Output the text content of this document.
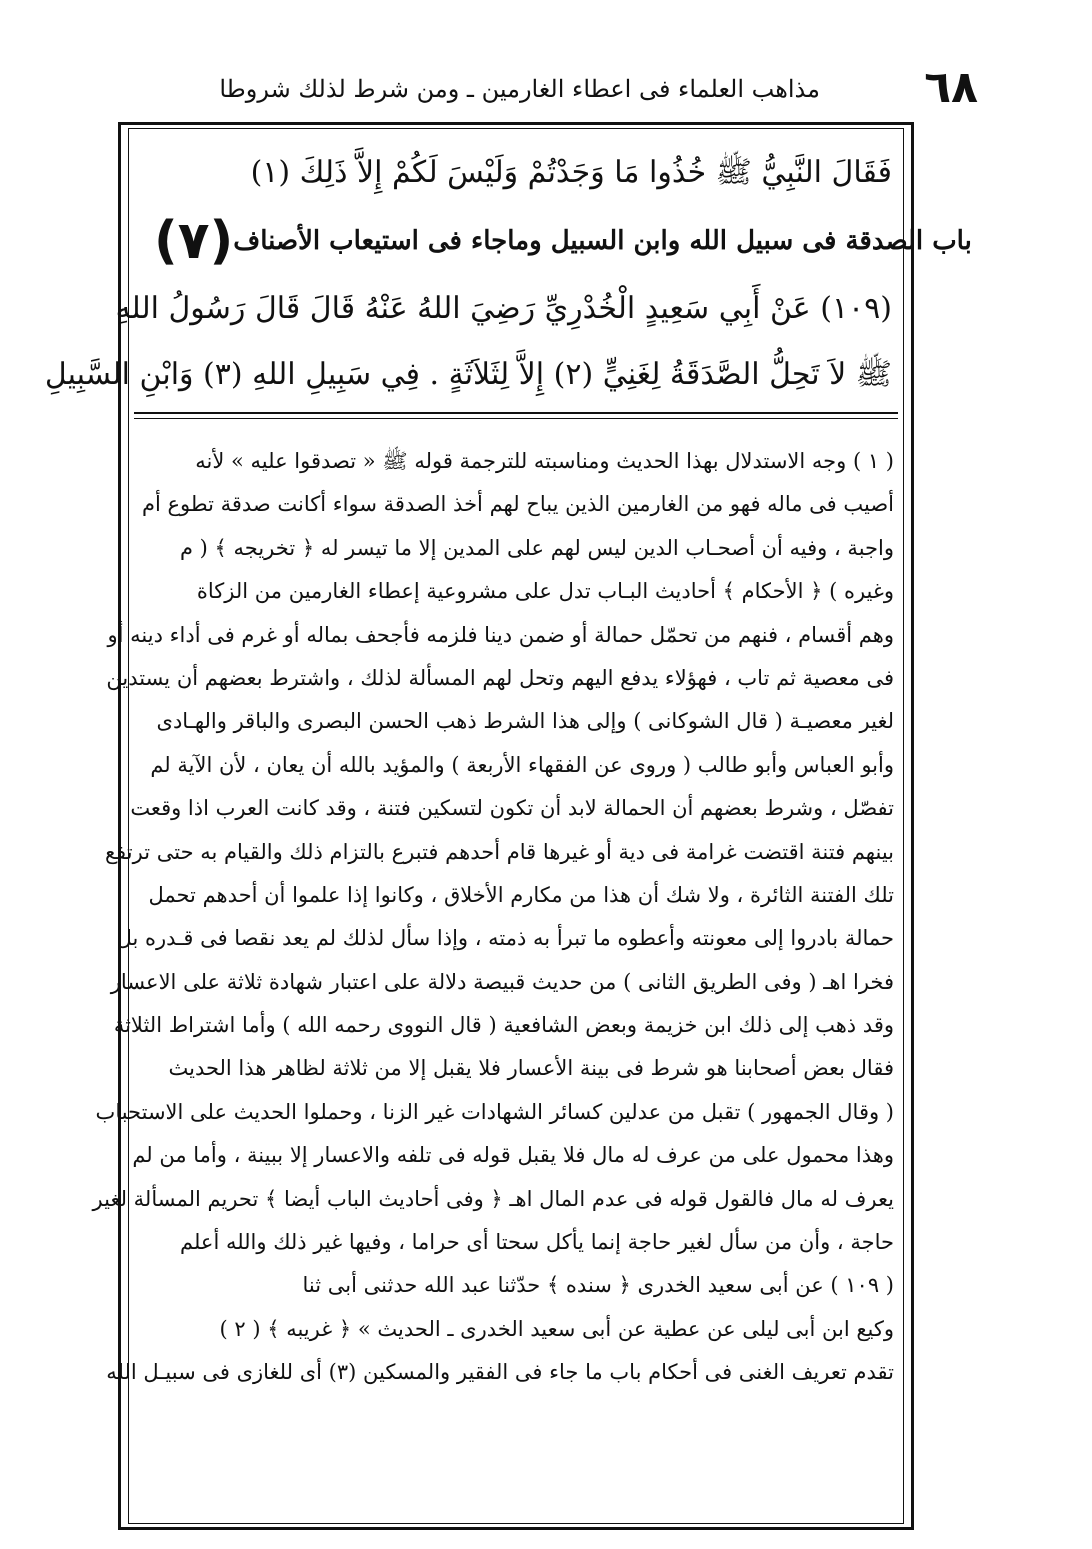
٦٨
مذاهب العلماء فى اعطاء الغارمين ـ ومن شرط لذلك شروطا
فَقَالَ النَّبِيُّ ﷺ خُذُوا مَا وَجَدْتُمْ وَلَيْسَ لَكُمْ إِلاَّ ذَلِكَ (١)
(٧) باب الصدقة فى سبيل الله وابن السبيل وماجاء فى استيعاب الأصناف
(١٠٩) عَنْ أَبِي سَعِيدٍ الْخُدْرِيِّ رَضِيَ اللهُ عَنْهُ قَالَ قَالَ رَسُولُ اللهِ
ﷺ لاَ تَحِلُّ الصَّدَقَةُ لِغَنِيٍّ (٢) إِلاَّ لِثَلاَثَةٍ . فِي سَبِيلِ اللهِ (٣) وَابْنِ السَّبِيلِ
( ١ ) وجه الاستدلال بهذا الحديث ومناسبته للترجمة قوله ﷺ « تصدقوا عليه » لأنه
أصيب فى ماله فهو من الغارمين الذين يباح لهم أخذ الصدقة سواء أكانت صدقة تطوع أم
واجبة ، وفيه أن أصحـاب الدين ليس لهم على المدين إلا ما تيسر له ﴿ تخريجه ﴾ ( م
وغيره ) ﴿ الأحكام ﴾ أحاديث البـاب تدل على مشروعية إعطاء الغارمين من الزكاة
وهم أقسام ، فنهم من تحمّل حمالة أو ضمن دينا فلزمه فأجحف بماله أو غرم فى أداء دينه أو
فى معصية ثم تاب ، فهؤلاء يدفع اليهم وتحل لهم المسألة لذلك ، واشترط بعضهم أن يستدين
لغير معصيـة ( قال الشوكانى ) وإلى هذا الشرط ذهب الحسن البصرى والباقر والهـادى
وأبو العباس وأبو طالب ( وروى عن الفقهاء الأربعة ) والمؤيد بالله أن يعان ، لأن الآية لم
تفصّل ، وشرط بعضهم أن الحمالة لابد أن تكون لتسكين فتنة ، وقد كانت العرب اذا وقعت
بينهم فتنة اقتضت غرامة فى دية أو غيرها قام أحدهم فتبرع بالتزام ذلك والقيام به حتى ترتفع
تلك الفتنة الثائرة ، ولا شك أن هذا من مكارم الأخلاق ، وكانوا إذا علموا أن أحدهم تحمل
حمالة بادروا إلى معونته وأعطوه ما تبرأ به ذمته ، وإذا سأل لذلك لم يعد نقصا فى قـدره بل
فخرا اهـ ( وفى الطريق الثانى ) من حديث قبيصة دلالة على اعتبار شهادة ثلاثة على الاعسار
وقد ذهب إلى ذلك ابن خزيمة وبعض الشافعية ( قال النووى رحمه الله ) وأما اشتراط الثلاثة
فقال بعض أصحابنا هو شرط فى بينة الأعسار فلا يقبل إلا من ثلاثة لظاهر هذا الحديث
( وقال الجمهور ) تقبل من عدلين كسائر الشهادات غير الزنا ، وحملوا الحديث على الاستحباب
وهذا محمول على من عرف له مال فلا يقبل قوله فى تلفه والاعسار إلا ببينة ، وأما من لم
يعرف له مال فالقول قوله فى عدم المال اهـ ﴿ وفى أحاديث الباب أيضا ﴾ تحريم المسألة لغير
حاجة ، وأن من سأل لغير حاجة إنما يأكل سحتا أى حراما ، وفيها غير ذلك والله أعلم
( ١٠٩ ) عن أبى سعيد الخدرى ﴿ سنده ﴾ حدّثنا عبد الله حدثنى أبى ثنا
وكيع ابن أبى ليلى عن عطية عن أبى سعيد الخدرى ـ الحديث » ﴿ غريبه ﴾ ( ٢ )
تقدم تعريف الغنى فى أحكام باب ما جاء فى الفقير والمسكين (٣) أى للغازى فى سبيـل الله
